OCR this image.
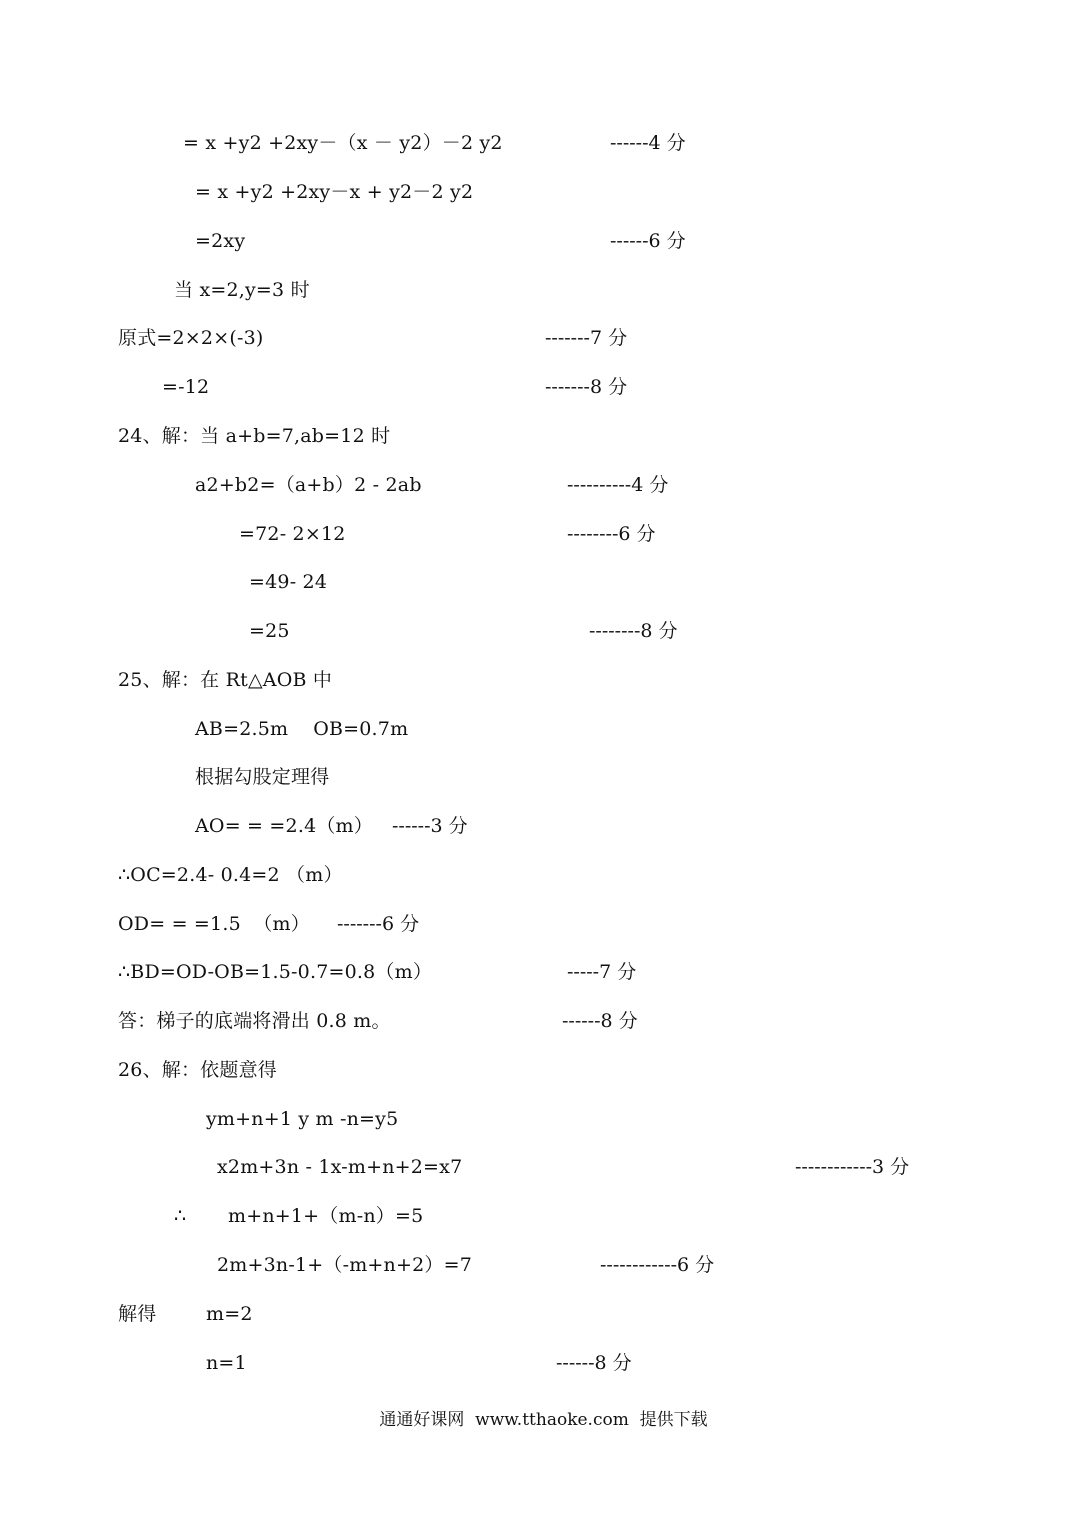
= x +y2 +2xy－（x － y2）－2 y2	------4 分
= x +y2 +2xy－x + y2－2 y2
=2xy	------6 分
当 x=2,y=3 时
原式=2×2×(-3)	-------7 分
=-12	-------8 分
24、解：当 a+b=7,ab=12 时
a2+b2=（a+b）2 - 2ab	----------4 分
=72- 2×12	--------6 分
=49- 24
=25	--------8 分
25、解：在 Rt△AOB 中
AB=2.5m    OB=0.7m
根据勾股定理得
AO= = =2.4（m） ------3 分
∴OC=2.4- 0.4=2 （m）
OD= = =1.5  （m） -------6 分
∴BD=OD-OB=1.5-0.7=0.8（m）	-----7 分
答：梯子的底端将滑出 0.8 m。	------8 分
26、解：依题意得
ym+n+1 y m -n=y5
x2m+3n - 1x-m+n+2=x7	------------3 分
∴ m+n+1+（m-n）=5
2m+3n-1+（-m+n+2）=7	------------6 分
解得	m=2
n=1	------8 分
通通好课网  www.tthaoke.com  提供下载
